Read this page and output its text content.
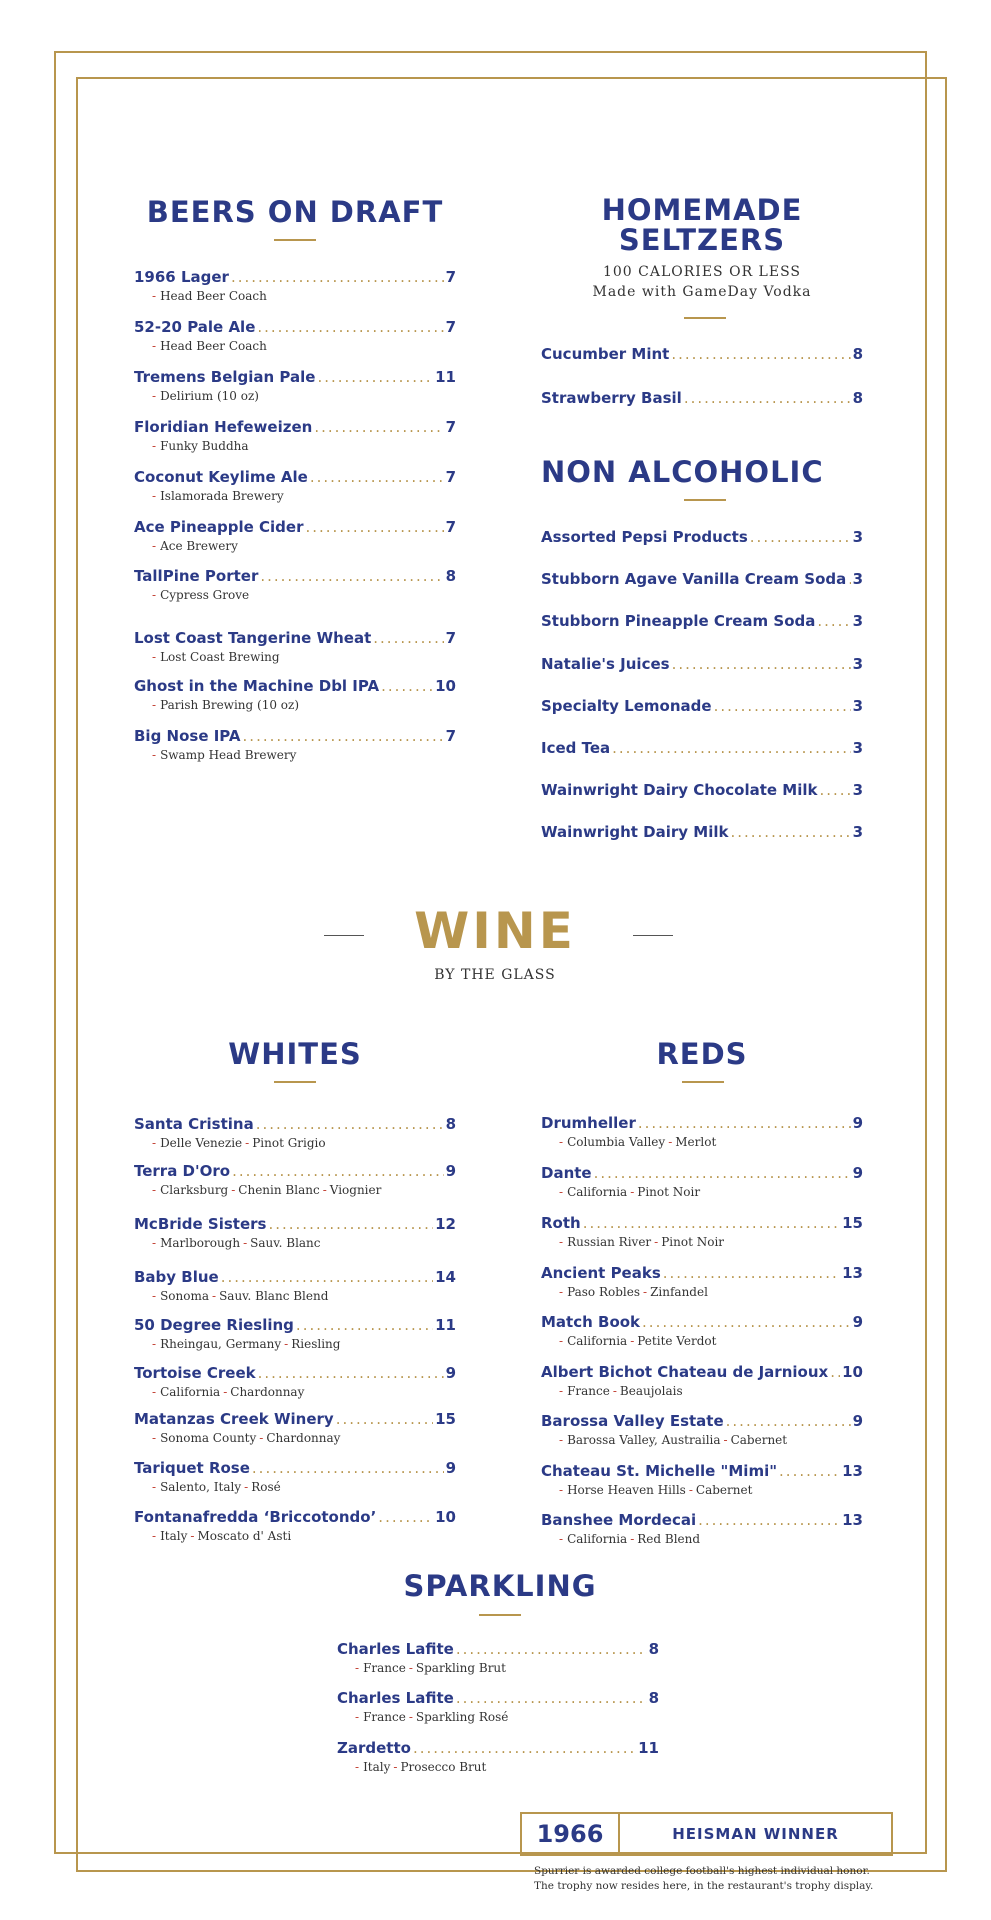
BEERS ON DRAFT
1966 Lager .....	7
- Head Beer Coach
52-20 Pale Ale .....	7
- Head Beer Coach
Tremens Belgian Pale .....	11
- Delirium (10 oz)
Floridian Hefeweizen .....	7
- Funky Buddha
Coconut Keylime Ale .....	7
- Islamorada Brewery
Ace Pineapple Cider .....	7
- Ace Brewery
TallPine Porter .....	8
- Cypress Grove
Lost Coast Tangerine Wheat .....	7
- Lost Coast Brewing
Ghost in the Machine Dbl IPA .....	10
- Parish Brewing (10 oz)
Big Nose IPA .....	7
- Swamp Head Brewery
HOMEMADE
SELTZERS
100 CALORIES OR LESS
Made with GameDay Vodka
Cucumber Mint .....	8
Strawberry Basil .....	8
NON ALCOHOLIC
Assorted Pepsi Products .....	3
Stubborn Agave Vanilla Cream Soda ..... 3
Stubborn Pineapple Cream Soda ..... 3
Natalie's Juices .....	3
Specialty Lemonade .....	3
Iced Tea .....	3
Wainwright Dairy Chocolate Milk ..... 3
Wainwright Dairy Milk .....	3
WINE
BY THE GLASS
WHITES
Santa Cristina .....	8
- Delle Venezie - Pinot Grigio
Terra D'Oro .....	9
- Clarksburg - Chenin Blanc - Viognier
McBride Sisters .....	12
- Marlborough - Sauv. Blanc
Baby Blue .....	14
- Sonoma - Sauv. Blanc Blend
50 Degree Riesling .....	11
- Rheingau, Germany - Riesling
Tortoise Creek .....	9
- California - Chardonnay
Matanzas Creek Winery .....	15
- Sonoma County - Chardonnay
Tariquet Rose .....	9
- Salento, Italy - Rosé
Fontanafredda ‘Briccotondo’ .....	10
- Italy - Moscato d' Asti
REDS
Drumheller .....	9
- Columbia Valley - Merlot
Dante .....	9
- California - Pinot Noir
Roth .....	15
- Russian River - Pinot Noir
Ancient Peaks .....	13
- Paso Robles - Zinfandel
Match Book .....	9
- California - Petite Verdot
Albert Bichot Chateau de Jarnioux ..... 10
- France - Beaujolais
Barossa Valley Estate .....	9
- Barossa Valley, Austrailia - Cabernet
Chateau St. Michelle "Mimi" .....	13
- Horse Heaven Hills - Cabernet
Banshee Mordecai .....	13
- California - Red Blend
SPARKLING
Charles Lafite .....	8
- France - Sparkling Brut
Charles Lafite .....	8
- France - Sparkling Rosé
Zardetto .....	11
- Italy - Prosecco Brut
1966	HEISMAN WINNER
Spurrier is awarded college football's highest individual honor.
The trophy now resides here, in the restaurant's trophy display.
